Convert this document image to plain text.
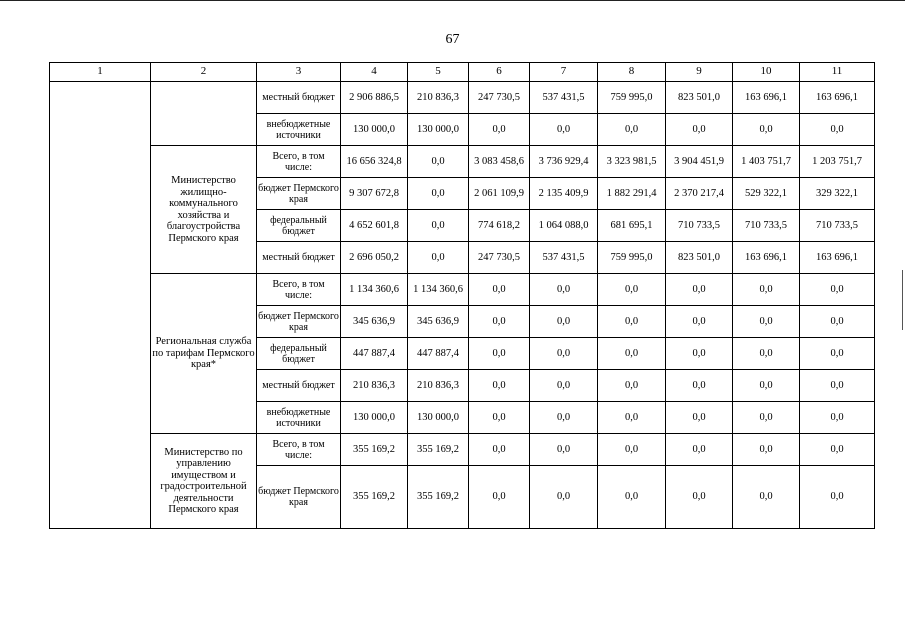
67
1	2	3	4	5	6	7	8	9	10	11
		местный бюджет	2 906 886,5	210 836,3	247 730,5	537 431,5	759 995,0	823 501,0	163 696,1	163 696,1
		внебюджетные источники	130 000,0	130 000,0	0,0	0,0	0,0	0,0	0,0	0,0
	Министерство жилищно-коммунального хозяйства и благоустройства Пермского края	Всего, в том числе:	16 656 324,8	0,0	3 083 458,6	3 736 929,4	3 323 981,5	3 904 451,9	1 403 751,7	1 203 751,7
		бюджет Пермского края	9 307 672,8	0,0	2 061 109,9	2 135 409,9	1 882 291,4	2 370 217,4	529 322,1	329 322,1
		федеральный бюджет	4 652 601,8	0,0	774 618,2	1 064 088,0	681 695,1	710 733,5	710 733,5	710 733,5
		местный бюджет	2 696 050,2	0,0	247 730,5	537 431,5	759 995,0	823 501,0	163 696,1	163 696,1
	Региональная служба по тарифам Пермского края*	Всего, в том числе:	1 134 360,6	1 134 360,6	0,0	0,0	0,0	0,0	0,0	0,0
		бюджет Пермского края	345 636,9	345 636,9	0,0	0,0	0,0	0,0	0,0	0,0
		федеральный бюджет	447 887,4	447 887,4	0,0	0,0	0,0	0,0	0,0	0,0
		местный бюджет	210 836,3	210 836,3	0,0	0,0	0,0	0,0	0,0	0,0
		внебюджетные источники	130 000,0	130 000,0	0,0	0,0	0,0	0,0	0,0	0,0
	Министерство по управлению имуществом и градостроительной деятельности Пермского края	Всего, в том числе:	355 169,2	355 169,2	0,0	0,0	0,0	0,0	0,0	0,0
		бюджет Пермского края	355 169,2	355 169,2	0,0	0,0	0,0	0,0	0,0	0,0
